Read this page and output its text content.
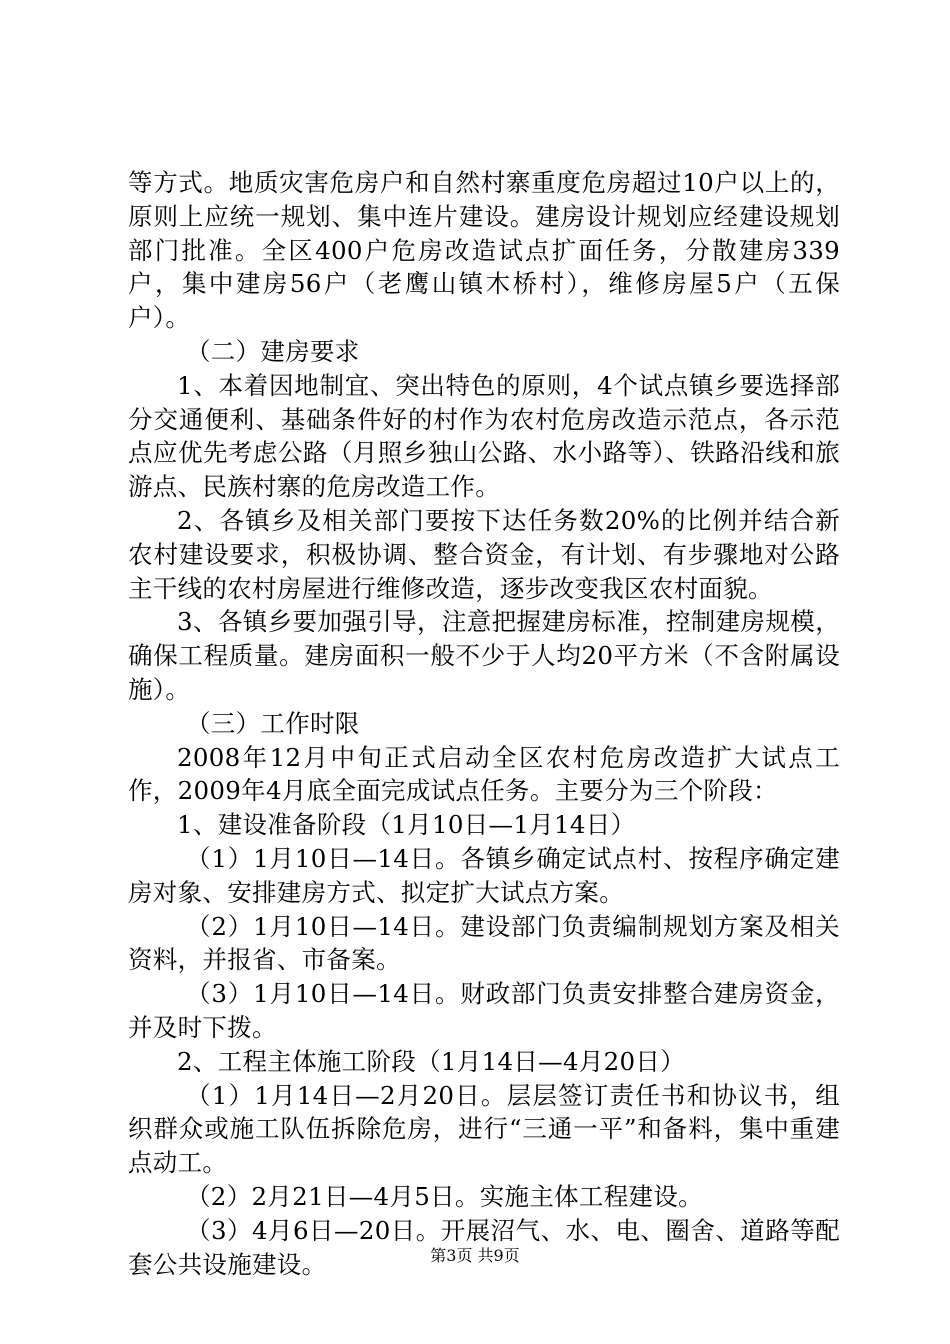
等方式。地质灾害危房户和自然村寨重度危房超过10户以上的，原则上应统一规划、集中连片建设。建房设计规划应经建设规划部门批准。全区400户危房改造试点扩面任务，分散建房339户，集中建房56户（老鹰山镇木桥村），维修房屋5户（五保户）。

（二）建房要求

1、本着因地制宜、突出特色的原则，4个试点镇乡要选择部分交通便利、基础条件好的村作为农村危房改造示范点，各示范点应优先考虑公路（月照乡独山公路、水小路等）、铁路沿线和旅游点、民族村寨的危房改造工作。

2、各镇乡及相关部门要按下达任务数20%的比例并结合新农村建设要求，积极协调、整合资金，有计划、有步骤地对公路主干线的农村房屋进行维修改造，逐步改变我区农村面貌。

3、各镇乡要加强引导，注意把握建房标准，控制建房规模，确保工程质量。建房面积一般不少于人均20平方米（不含附属设施）。

（三）工作时限

2008年12月中旬正式启动全区农村危房改造扩大试点工作，2009年4月底全面完成试点任务。主要分为三个阶段：

1、建设准备阶段（1月10日—1月14日）

（1）1月10日—14日。各镇乡确定试点村、按程序确定建房对象、安排建房方式、拟定扩大试点方案。

（2）1月10日—14日。建设部门负责编制规划方案及相关资料，并报省、市备案。

（3）1月10日—14日。财政部门负责安排整合建房资金，并及时下拨。

2、工程主体施工阶段（1月14日—4月20日）

（1）1月14日—2月20日。层层签订责任书和协议书，组织群众或施工队伍拆除危房，进行“三通一平”和备料，集中重建点动工。

（2）2月21日—4月5日。实施主体工程建设。

（3）4月6日—20日。开展沼气、水、电、圈舍、道路等配套公共设施建设。	第3页 共9页
